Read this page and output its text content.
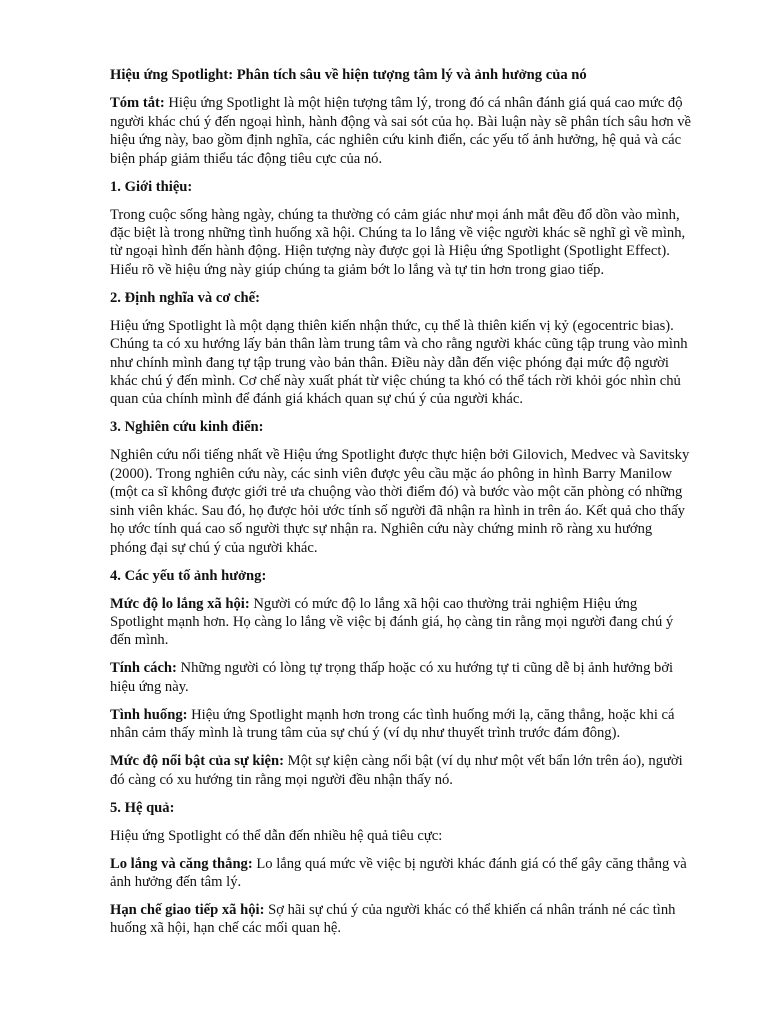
Hiệu ứng Spotlight: Phân tích sâu về hiện tượng tâm lý và ảnh hưởng của nó

Tóm tắt: Hiệu ứng Spotlight là một hiện tượng tâm lý, trong đó cá nhân đánh giá quá cao mức độ người khác chú ý đến ngoại hình, hành động và sai sót của họ. Bài luận này sẽ phân tích sâu hơn về hiệu ứng này, bao gồm định nghĩa, các nghiên cứu kinh điển, các yếu tố ảnh hưởng, hệ quả và các biện pháp giảm thiểu tác động tiêu cực của nó.

1. Giới thiệu:

Trong cuộc sống hàng ngày, chúng ta thường có cảm giác như mọi ánh mắt đều đổ dồn vào mình, đặc biệt là trong những tình huống xã hội. Chúng ta lo lắng về việc người khác sẽ nghĩ gì về mình, từ ngoại hình đến hành động. Hiện tượng này được gọi là Hiệu ứng Spotlight (Spotlight Effect). Hiểu rõ về hiệu ứng này giúp chúng ta giảm bớt lo lắng và tự tin hơn trong giao tiếp.

2. Định nghĩa và cơ chế:

Hiệu ứng Spotlight là một dạng thiên kiến nhận thức, cụ thể là thiên kiến vị kỷ (egocentric bias). Chúng ta có xu hướng lấy bản thân làm trung tâm và cho rằng người khác cũng tập trung vào mình như chính mình đang tự tập trung vào bản thân. Điều này dẫn đến việc phóng đại mức độ người khác chú ý đến mình. Cơ chế này xuất phát từ việc chúng ta khó có thể tách rời khỏi góc nhìn chủ quan của chính mình để đánh giá khách quan sự chú ý của người khác.

3. Nghiên cứu kinh điển:

Nghiên cứu nổi tiếng nhất về Hiệu ứng Spotlight được thực hiện bởi Gilovich, Medvec và Savitsky (2000). Trong nghiên cứu này, các sinh viên được yêu cầu mặc áo phông in hình Barry Manilow (một ca sĩ không được giới trẻ ưa chuộng vào thời điểm đó) và bước vào một căn phòng có những sinh viên khác. Sau đó, họ được hỏi ước tính số người đã nhận ra hình in trên áo. Kết quả cho thấy họ ước tính quá cao số người thực sự nhận ra. Nghiên cứu này chứng minh rõ ràng xu hướng phóng đại sự chú ý của người khác.

4. Các yếu tố ảnh hưởng:

Mức độ lo lắng xã hội: Người có mức độ lo lắng xã hội cao thường trải nghiệm Hiệu ứng Spotlight mạnh hơn. Họ càng lo lắng về việc bị đánh giá, họ càng tin rằng mọi người đang chú ý đến mình.

Tính cách: Những người có lòng tự trọng thấp hoặc có xu hướng tự ti cũng dễ bị ảnh hưởng bởi hiệu ứng này.

Tình huống: Hiệu ứng Spotlight mạnh hơn trong các tình huống mới lạ, căng thẳng, hoặc khi cá nhân cảm thấy mình là trung tâm của sự chú ý (ví dụ như thuyết trình trước đám đông).

Mức độ nổi bật của sự kiện: Một sự kiện càng nổi bật (ví dụ như một vết bẩn lớn trên áo), người đó càng có xu hướng tin rằng mọi người đều nhận thấy nó.

5. Hệ quả:

Hiệu ứng Spotlight có thể dẫn đến nhiều hệ quả tiêu cực:

Lo lắng và căng thẳng: Lo lắng quá mức về việc bị người khác đánh giá có thể gây căng thẳng và ảnh hưởng đến tâm lý.

Hạn chế giao tiếp xã hội: Sợ hãi sự chú ý của người khác có thể khiến cá nhân tránh né các tình huống xã hội, hạn chế các mối quan hệ.
